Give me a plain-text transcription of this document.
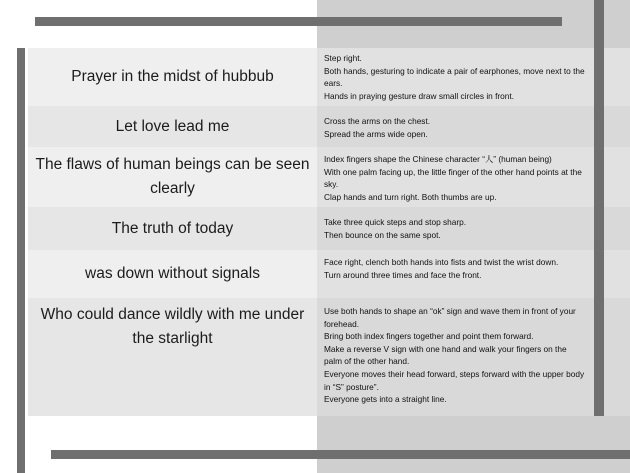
Prayer in the midst of hubbub
Step right.
Both hands, gesturing to indicate a pair of earphones, move next to the ears.
Hands in praying gesture draw small circles in front.
Let love lead me	Cross the arms on the chest.
Spread the arms wide open.
The flaws of human beings can be seen clearly
Index fingers shape the Chinese character “人” (human being)
With one palm facing up, the little finger of the other hand points at the sky.
Clap hands and turn right. Both thumbs are up.
The truth of today	Take three quick steps and stop sharp.
Then bounce on the same spot.
was down without signals
Face right, clench both hands into fists and twist the wrist down.
Turn around three times and face the front.
Who could dance wildly with me under the starlight
Use both hands to shape an “ok” sign and wave them in front of your forehead.
Bring both index fingers together and point them forward.
Make a reverse V sign with one hand and walk your fingers on the palm of the other hand.
Everyone moves their head forward, steps forward with the upper body in “S” posture”.
Everyone gets into a straight line.
